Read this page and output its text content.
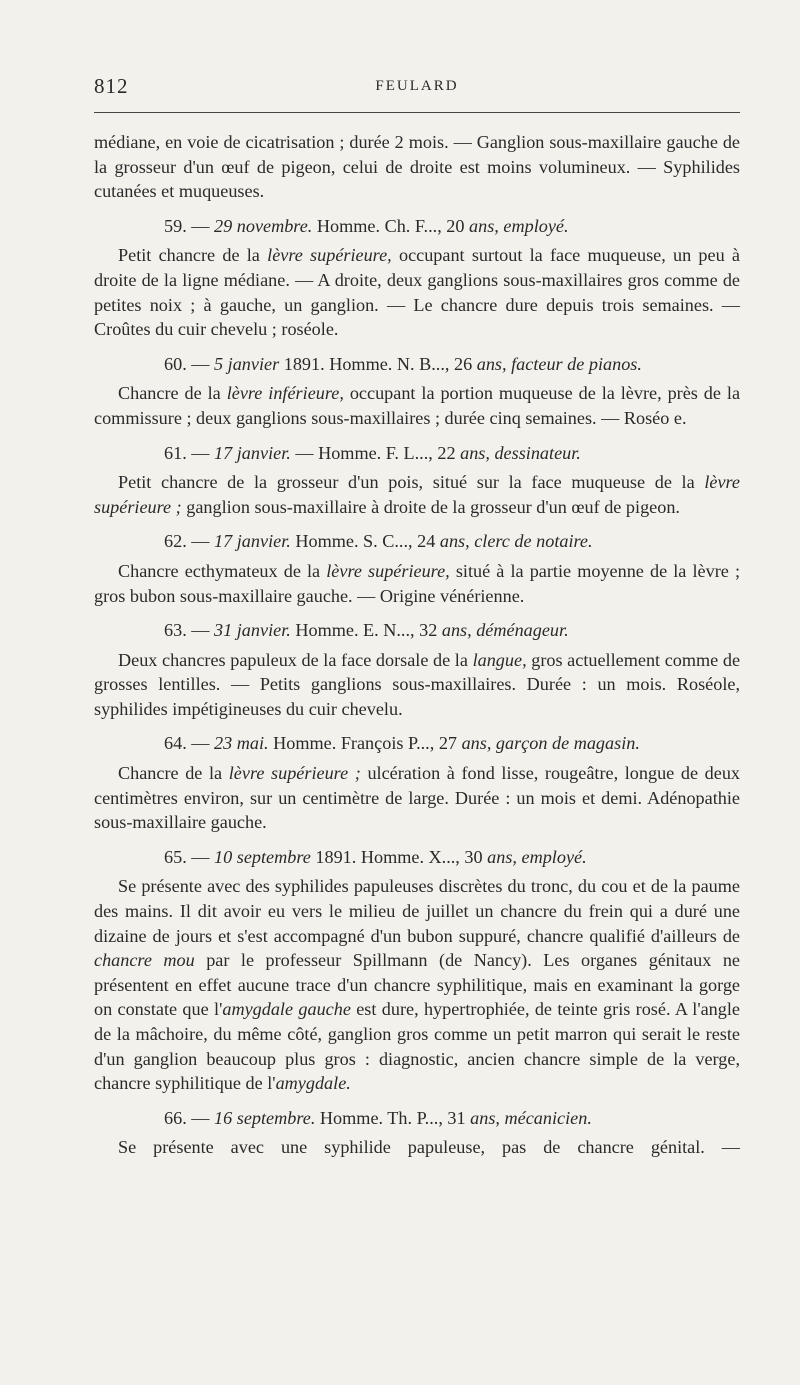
812	FEULARD

médiane, en voie de cicatrisation ; durée 2 mois. — Ganglion sous-maxillaire gauche de la grosseur d'un œuf de pigeon, celui de droite est moins volumineux. — Syphilides cutanées et muqueuses.

59. — 29 novembre. Homme. Ch. F..., 20 ans, employé.

Petit chancre de la lèvre supérieure, occupant surtout la face muqueuse, un peu à droite de la ligne médiane. — A droite, deux ganglions sous-maxillaires gros comme de petites noix ; à gauche, un ganglion. — Le chancre dure depuis trois semaines. — Croûtes du cuir chevelu ; roséole.

60. — 5 janvier 1891. Homme. N. B..., 26 ans, facteur de pianos.

Chancre de la lèvre inférieure, occupant la portion muqueuse de la lèvre, près de la commissure ; deux ganglions sous-maxillaires ; durée cinq semaines. — Roséo e.

61. — 17 janvier. — Homme. F. L..., 22 ans, dessinateur.

Petit chancre de la grosseur d'un pois, situé sur la face muqueuse de la lèvre supérieure ; ganglion sous-maxillaire à droite de la grosseur d'un œuf de pigeon.

62. — 17 janvier. Homme. S. C..., 24 ans, clerc de notaire.

Chancre ecthymateux de la lèvre supérieure, situé à la partie moyenne de la lèvre ; gros bubon sous-maxillaire gauche. — Origine vénérienne.

63. — 31 janvier. Homme. E. N..., 32 ans, déménageur.

Deux chancres papuleux de la face dorsale de la langue, gros actuellement comme de grosses lentilles. — Petits ganglions sous-maxillaires. Durée : un mois. Roséole, syphilides impétigineuses du cuir chevelu.

64. — 23 mai. Homme. François P..., 27 ans, garçon de magasin.

Chancre de la lèvre supérieure ; ulcération à fond lisse, rougeâtre, longue de deux centimètres environ, sur un centimètre de large. Durée : un mois et demi. Adénopathie sous-maxillaire gauche.

65. — 10 septembre 1891. Homme. X..., 30 ans, employé.

Se présente avec des syphilides papuleuses discrètes du tronc, du cou et de la paume des mains. Il dit avoir eu vers le milieu de juillet un chancre du frein qui a duré une dizaine de jours et s'est accompagné d'un bubon suppuré, chancre qualifié d'ailleurs de chancre mou par le professeur Spillmann (de Nancy). Les organes génitaux ne présentent en effet aucune trace d'un chancre syphilitique, mais en examinant la gorge on constate que l'amygdale gauche est dure, hypertrophiée, de teinte gris rosé. A l'angle de la mâchoire, du même côté, ganglion gros comme un petit marron qui serait le reste d'un ganglion beaucoup plus gros : diagnostic, ancien chancre simple de la verge, chancre syphilitique de l'amygdale.

66. — 16 septembre. Homme. Th. P..., 31 ans, mécanicien.

Se présente avec une syphilide papuleuse, pas de chancre génital. —
